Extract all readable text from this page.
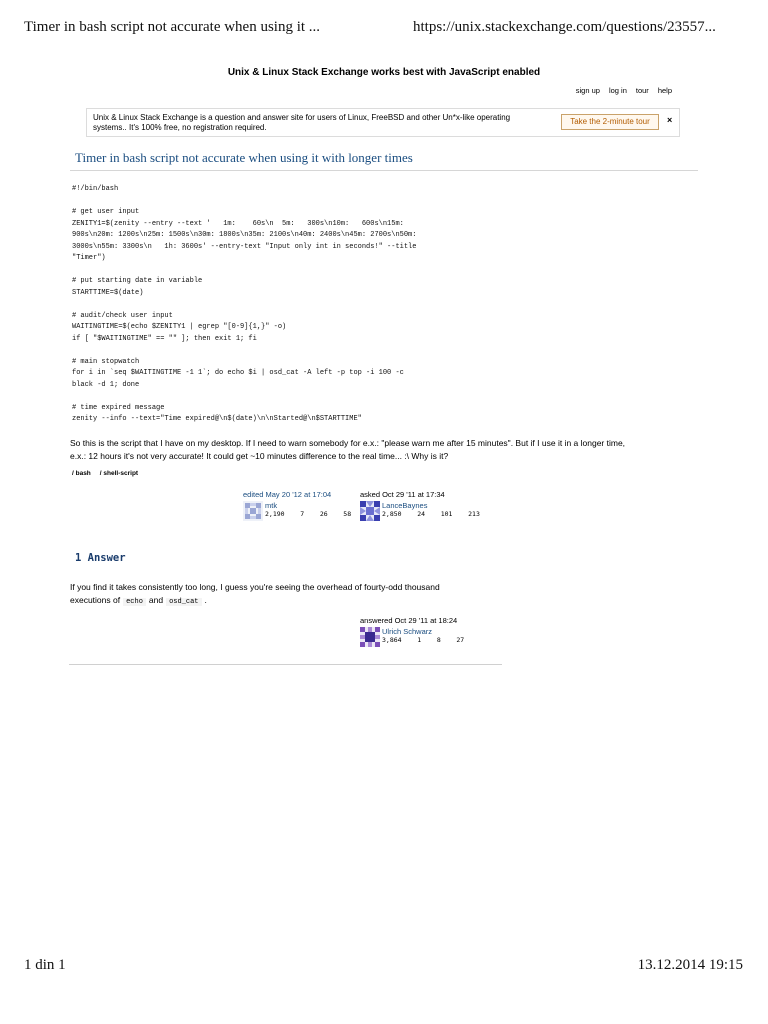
Timer in bash script not accurate when using it ...	https://unix.stackexchange.com/questions/23557...
Unix & Linux Stack Exchange works best with JavaScript enabled
sign up log in tour help
Unix & Linux Stack Exchange is a question and answer site for users of Linux, FreeBSD and other Un*x-like operating systems.. It's 100% free, no registration required.
Take the 2-minute tour	×
Timer in bash script not accurate when using it with longer times
#!/bin/bash

# get user input
ZENITY1=$(zenity --entry --text '   1m:    60s\n  5m:   300s\n10m:   600s\n15m:
900s\n20m: 1200s\n25m: 1500s\n30m: 1800s\n35m: 2100s\n40m: 2400s\n45m: 2700s\n50m:
3000s\n55m: 3300s\n   1h: 3600s' --entry-text "Input only int in seconds!" --title
"Timer")

# put starting date in variable
STARTTIME=$(date)

# audit/check user input
WAITINGTIME=$(echo $ZENITY1 | egrep "[0-9]{1,}" -o)
if [ "$WAITINGTIME" == "" ]; then exit 1; fi

# main stopwatch
for i in `seq $WAITINGTIME -1 1`; do echo $i | osd_cat -A left -p top -i 100 -c
black -d 1; done

# time expired message
zenity --info --text="Time expired@\n$(date)\n\nStarted@\n$STARTTIME"
So this is the script that I have on my desktop. If I need to warn somebody for e.x.: "please warn me after 15 minutes". But if I use it in a longer time, e.x.: 12 hours it's not very accurate! It could get ~10 minutes difference to the real time... :\ Why is it?
/ bash / shell-script
edited May 20 '12 at 17:04
mtk
2,190 7 26 58
asked Oct 29 '11 at 17:34
LanceBaynes
2,850 24 101 213
1 Answer
If you find it takes consistently too long, I guess you're seeing the overhead of fourty-odd thousand executions of echo and osd_cat .
answered Oct 29 '11 at 18:24
Ulrich Schwarz
3,864 1 8 27
1 din 1	13.12.2014 19:15
